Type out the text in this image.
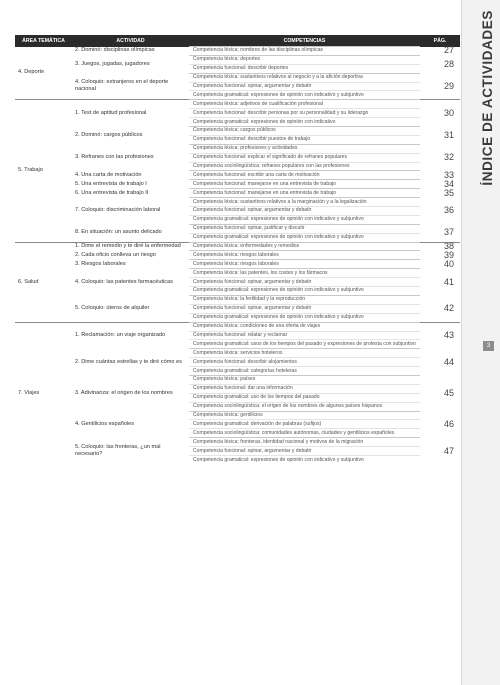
ÍNDICE DE ACTIVIDADES
3
ÁREA TEMÁTICA	ACTIVIDAD	COMPETENCIAS	PÁG.
4. Deporte	2. Dominó: disciplinas olímpicas	Competencia léxica: nombres de las disciplinas olímpicas	27
	3. Juegos, jugadas, jugadores	Competencia léxica: deportes	28
		Competencia funcional: describir deportes	
	4. Coloquio: extranjeros en el deporte nacional	Competencia léxica: sustantivos relativos al negocio y a la afición deportiva	29
		Competencia funcional: opinar, argumentar y debatir	
		Competencia gramatical: expresiones de opinión con indicativo y subjuntivo	
5. Trabajo	1. Test de aptitud profesional	Competencia léxica: adjetivos de cualificación profesional	30
		Competencia funcional: describir personas por su personalidad y su liderazgo	
		Competencia gramatical: expresiones de opinión con indicativo	
	2. Dominó: cargos públicos	Competencia léxica: cargos públicos	31
		Competencia funcional: describir puestos de trabajo	
	3. Refranes con las profesiones	Competencia léxica: profesiones y actividades	32
		Competencia funcional: explicar el significado de refranes populares	
		Competencia sociolingüística: refranes populares con las profesiones	
	4. Una carta de motivación	Competencia funcional: escribir una carta de motivación	33
	5. Una entrevista de trabajo I	Competencia funcional: manejarse en una entrevista de trabajo	34
	6. Una entrevista de trabajo II	Competencia funcional: manejarse en una entrevista de trabajo	35
	7. Coloquio: discriminación laboral	Competencia léxica: sustantivos relativos a la marginación y a la legalización	36
		Competencia funcional: opinar, argumentar y debatir	
		Competencia gramatical: expresiones de opinión con indicativo y subjuntivo	
	8. En situación: un asunto delicado	Competencia funcional: opinar, justificar y discutir	37
		Competencia gramatical: expresiones de opinión con indicativo y subjuntivo	
6. Salud	1. Dime el remedio y te diré la enfermedad	Competencia léxica: enfermedades y remedios	38
	2. Cada oficio conlleva un riesgo	Competencia léxica: riesgos laborales	39
	3. Riesgos laborales	Competencia léxica: riesgos laborales	40
	4. Coloquio: las patentes farmacéuticas	Competencia léxica: las patentes, los costes y los fármacos	41
		Competencia funcional: opinar, argumentar y debatir	
		Competencia gramatical: expresiones de opinión con indicativo y subjuntivo	
	5. Coloquio: úteros de alquiler	Competencia léxica: la fertilidad y la reproducción	42
		Competencia funcional: opinar, argumentar y debatir	
		Competencia gramatical: expresiones de opinión con indicativo y subjuntivo	
7. Viajes	1. Reclamación: un viaje organizado	Competencia léxica: condiciones de una oferta de viajes	43
		Competencia funcional: relatar y reclamar	
		Competencia gramatical: usos de los tiempos del pasado y expresiones de protesta con subjuntivo	
	2. Dime cuántas estrellas y te diré cómo es	Competencia léxica: servicios hoteleros	44
		Competencia funcional: describir alojamientos	
		Competencia gramatical: categorías hoteleras	
	3. Adivinanza: el origen de los nombres	Competencia léxica: países	45
		Competencia funcional: dar una información	
		Competencia gramatical: uso de los tiempos del pasado	
		Competencia sociolingüística: el origen de los nombres de algunos países hispanos	
	4. Gentilicios españoles	Competencia léxica: gentilicios	46
		Competencia gramatical: derivación de palabras (sufijos)	
		Competencia sociolingüística: comunidades autónomas, ciudades y gentilicios españoles	
	5. Coloquio: las fronteras, ¿un mal necesario?	Competencia léxica: fronteras, identidad nacional y motivos de la migración	47
		Competencia funcional: opinar, argumentar y debatir	
		Competencia gramatical: expresiones de opinión con indicativo y subjuntivo	
